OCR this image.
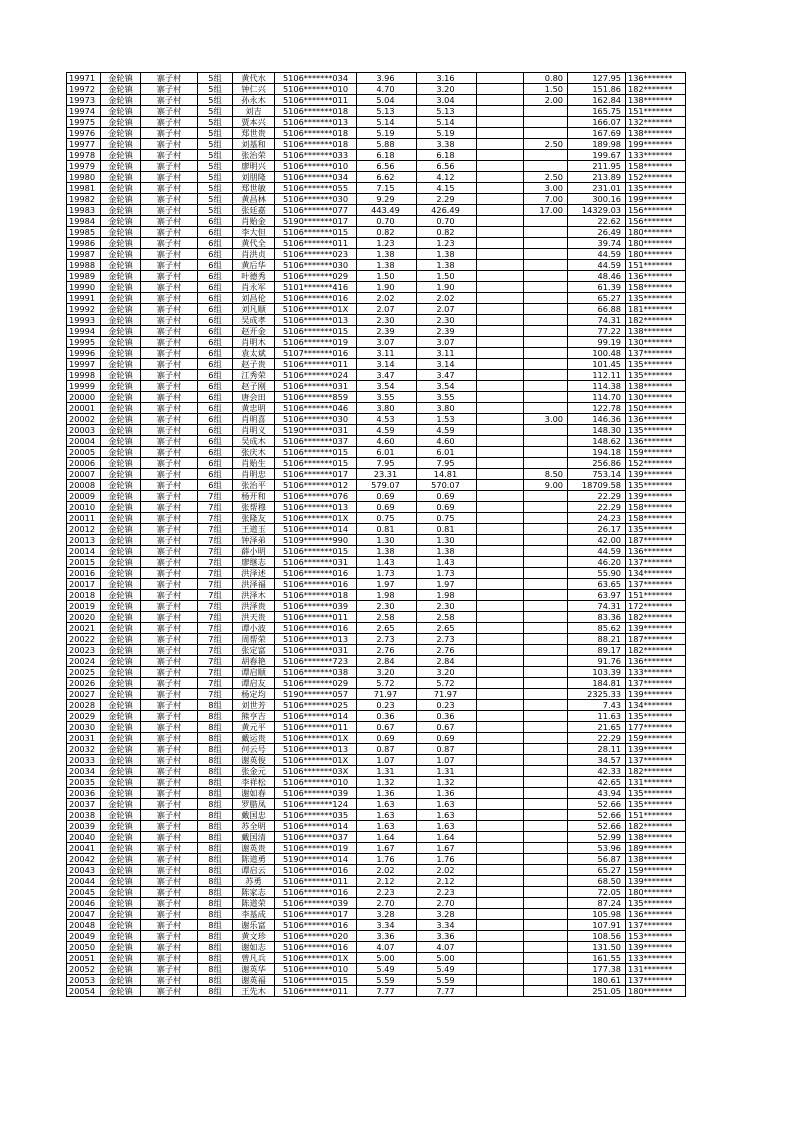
19971	金轮镇	寨子村	5组	黄代水	5106*******034	3.96	3.16		0.80	127.95	136*******
19972	金轮镇	寨子村	5组	钟仁兴	5106*******010	4.70	3.20		1.50	151.86	182*******
19973	金轮镇	寨子村	5组	孙永木	5106*******011	5.04	3.04		2.00	162.84	138*******
19974	金轮镇	寨子村	5组	刘吉	5106*******018	5.13	5.13			165.75	151*******
19975	金轮镇	寨子村	5组	贾本兴	5106*******013	5.14	5.14			166.07	132*******
19976	金轮镇	寨子村	5组	郑世贵	5106*******018	5.19	5.19			167.69	138*******
19977	金轮镇	寨子村	5组	刘基和	5106*******018	5.88	3.38		2.50	189.98	199*******
19978	金轮镇	寨子村	5组	张治荣	5106*******033	6.18	6.18			199.67	133*******
19979	金轮镇	寨子村	5组	廖明兴	5106*******010	6.56	6.56			211.95	158*******
19980	金轮镇	寨子村	5组	刘朋隆	5106*******034	6.62	4.12		2.50	213.89	152*******
19981	金轮镇	寨子村	5组	郑世敏	5106*******055	7.15	4.15		3.00	231.01	135*******
19982	金轮镇	寨子村	5组	黄昌林	5106*******030	9.29	2.29		7.00	300.16	199*******
19983	金轮镇	寨子村	5组	张廷嘉	5106*******077	443.49	426.49		17.00	14329.03	156*******
19984	金轮镇	寨子村	6组	肖贻金	5190*******017	0.70	0.70			22.62	156*******
19985	金轮镇	寨子村	6组	李大但	5106*******015	0.82	0.82			26.49	180*******
19986	金轮镇	寨子村	6组	黄代全	5106*******011	1.23	1.23			39.74	180*******
19987	金轮镇	寨子村	6组	肖洪贞	5106*******023	1.38	1.38			44.59	180*******
19988	金轮镇	寨子村	6组	黄后华	5106*******030	1.38	1.38			44.59	151*******
19989	金轮镇	寨子村	6组	叶德秀	5106*******029	1.50	1.50			48.46	136*******
19990	金轮镇	寨子村	6组	肖永军	5101*******416	1.90	1.90			61.39	158*******
19991	金轮镇	寨子村	6组	刘昌伦	5106*******016	2.02	2.02			65.27	135*******
19992	金轮镇	寨子村	6组	刘凡顺	5106*******01X	2.07	2.07			66.88	181*******
19993	金轮镇	寨子村	6组	吴成孝	5106*******013	2.30	2.30			74.31	182*******
19994	金轮镇	寨子村	6组	赵开金	5106*******015	2.39	2.39			77.22	138*******
19995	金轮镇	寨子村	6组	肖明木	5106*******019	3.07	3.07			99.19	130*******
19996	金轮镇	寨子村	6组	袁太斌	5107*******016	3.11	3.11			100.48	137*******
19997	金轮镇	寨子村	6组	赵子贵	5106*******011	3.14	3.14			101.45	135*******
19998	金轮镇	寨子村	6组	江秀荣	5106*******024	3.47	3.47			112.11	135*******
19999	金轮镇	寨子村	6组	赵子刚	5106*******031	3.54	3.54			114.38	138*******
20000	金轮镇	寨子村	6组	唐会田	5106*******859	3.55	3.55			114.70	130*******
20001	金轮镇	寨子村	6组	黄忠明	5106*******046	3.80	3.80			122.78	150*******
20002	金轮镇	寨子村	6组	肖明喜	5106*******030	4.53	1.53		3.00	146.36	136*******
20003	金轮镇	寨子村	6组	肖明义	5190*******031	4.59	4.59			148.30	135*******
20004	金轮镇	寨子村	6组	吴成木	5106*******037	4.60	4.60			148.62	136*******
20005	金轮镇	寨子村	6组	张庆木	5106*******015	6.01	6.01			194.18	159*******
20006	金轮镇	寨子村	6组	肖贻生	5106*******015	7.95	7.95			256.86	152*******
20007	金轮镇	寨子村	6组	肖明忠	5106*******017	23.31	14.81		8.50	753.14	139*******
20008	金轮镇	寨子村	6组	张治平	5106*******012	579.07	570.07		9.00	18709.58	135*******
20009	金轮镇	寨子村	7组	杨开和	5106*******076	0.69	0.69			22.29	139*******
20010	金轮镇	寨子村	7组	张帮穆	5106*******013	0.69	0.69			22.29	158*******
20011	金轮镇	寨子村	7组	张隆友	5106*******01X	0.75	0.75			24.23	158*******
20012	金轮镇	寨子村	7组	王道玉	5106*******014	0.81	0.81			26.17	135*******
20013	金轮镇	寨子村	7组	钟泽弟	5109*******990	1.30	1.30			42.00	187*******
20014	金轮镇	寨子村	7组	薛小明	5106*******015	1.38	1.38			44.59	136*******
20015	金轮镇	寨子村	7组	廖继志	5106*******031	1.43	1.43			46.20	137*******
20016	金轮镇	寨子村	7组	洪泽述	5106*******016	1.73	1.73			55.90	134*******
20017	金轮镇	寨子村	7组	洪泽福	5106*******016	1.97	1.97			63.65	137*******
20018	金轮镇	寨子村	7组	洪泽木	5106*******018	1.98	1.98			63.97	151*******
20019	金轮镇	寨子村	7组	洪泽贵	5106*******039	2.30	2.30			74.31	172*******
20020	金轮镇	寨子村	7组	洪天贵	5106*******011	2.58	2.58			83.36	182*******
20021	金轮镇	寨子村	7组	谭小波	5106*******016	2.65	2.65			85.62	139*******
20022	金轮镇	寨子村	7组	周帮荣	5106*******013	2.73	2.73			88.21	187*******
20023	金轮镇	寨子村	7组	张定富	5106*******031	2.76	2.76			89.17	182*******
20024	金轮镇	寨子村	7组	胡春艳	5106*******723	2.84	2.84			91.76	136*******
20025	金轮镇	寨子村	7组	谭启顺	5106*******038	3.20	3.20			103.39	133*******
20026	金轮镇	寨子村	7组	谭启友	5106*******029	5.72	5.72			184.81	137*******
20027	金轮镇	寨子村	7组	杨定均	5190*******057	71.97	71.97			2325.33	139*******
20028	金轮镇	寨子村	8组	刘世芳	5106*******025	0.23	0.23			7.43	134*******
20029	金轮镇	寨子村	8组	熊亨吉	5106*******014	0.36	0.36			11.63	135*******
20030	金轮镇	寨子村	8组	黄元平	5106*******011	0.67	0.67			21.65	177*******
20031	金轮镇	寨子村	8组	戴运贵	5106*******01X	0.69	0.69			22.29	159*******
20032	金轮镇	寨子村	8组	何云号	5106*******013	0.87	0.87			28.11	139*******
20033	金轮镇	寨子村	8组	谢英俊	5106*******01X	1.07	1.07			34.57	137*******
20034	金轮镇	寨子村	8组	张金元	5106*******03X	1.31	1.31			42.33	182*******
20035	金轮镇	寨子村	8组	李祥松	5106*******010	1.32	1.32			42.65	131*******
20036	金轮镇	寨子村	8组	谢如春	5106*******039	1.36	1.36			43.94	135*******
20037	金轮镇	寨子村	8组	罗腊凤	5106*******124	1.63	1.63			52.66	135*******
20038	金轮镇	寨子村	8组	戴国忠	5106*******035	1.63	1.63			52.66	151*******
20039	金轮镇	寨子村	8组	苏全明	5106*******014	1.63	1.63			52.66	182*******
20040	金轮镇	寨子村	8组	戴国清	5106*******037	1.64	1.64			52.99	138*******
20041	金轮镇	寨子村	8组	谢英贵	5106*******019	1.67	1.67			53.96	189*******
20042	金轮镇	寨子村	8组	陈道勇	5190*******014	1.76	1.76			56.87	138*******
20043	金轮镇	寨子村	8组	谭启云	5106*******016	2.02	2.02			65.27	159*******
20044	金轮镇	寨子村	8组	苏勇	5106*******011	2.12	2.12			68.50	139*******
20045	金轮镇	寨子村	8组	陈家志	5106*******016	2.23	2.23			72.05	180*******
20046	金轮镇	寨子村	8组	陈道荣	5106*******039	2.70	2.70			87.24	135*******
20047	金轮镇	寨子村	8组	李基成	5106*******017	3.28	3.28			105.98	136*******
20048	金轮镇	寨子村	8组	谢乐富	5106*******016	3.34	3.34			107.91	137*******
20049	金轮镇	寨子村	8组	黄文珍	5106*******020	3.36	3.36			108.56	153*******
20050	金轮镇	寨子村	8组	谢如志	5106*******016	4.07	4.07			131.50	139*******
20051	金轮镇	寨子村	8组	曾凡兵	5106*******01X	5.00	5.00			161.55	133*******
20052	金轮镇	寨子村	8组	谢英华	5106*******010	5.49	5.49			177.38	131*******
20053	金轮镇	寨子村	8组	谢英福	5106*******015	5.59	5.59			180.61	137*******
20054	金轮镇	寨子村	8组	王先木	5106*******011	7.77	7.77			251.05	180*******
